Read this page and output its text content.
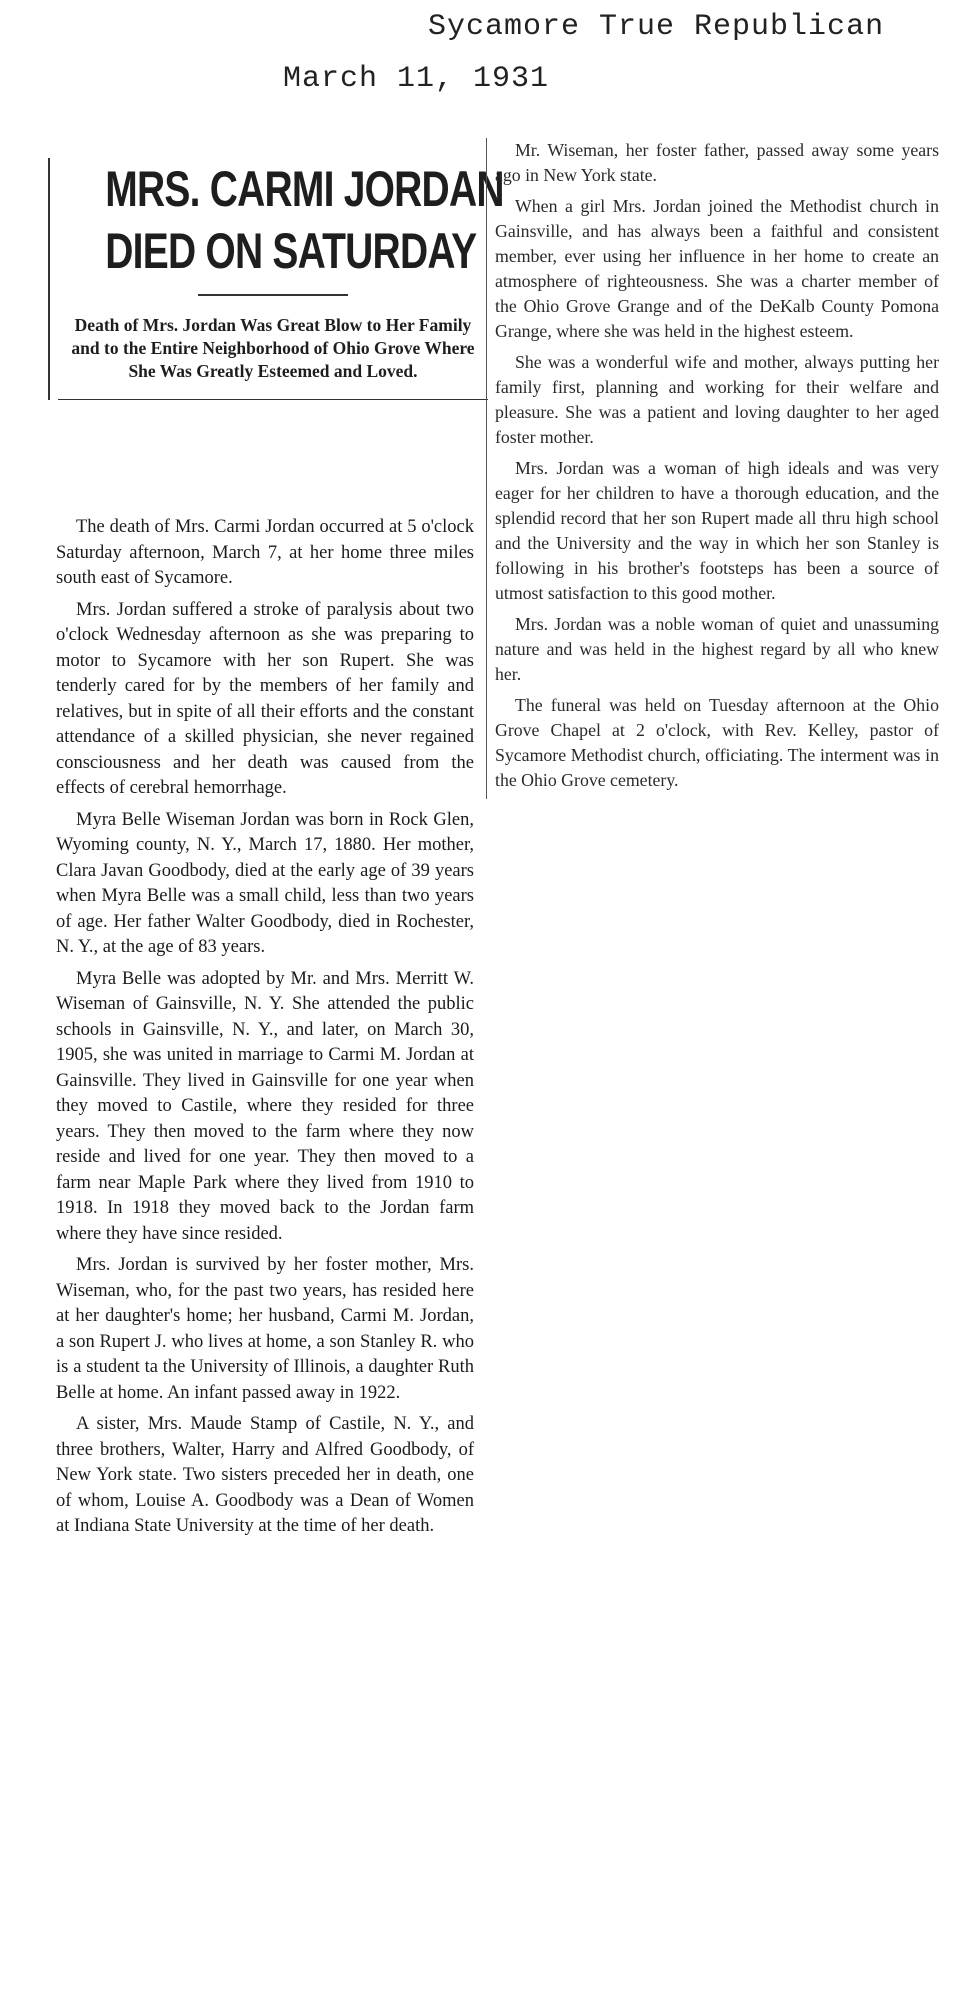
Sycamore True Republican
March 11, 1931
MRS. CARMI JORDAN
DIED ON SATURDAY

Death of Mrs. Jordan Was Great Blow to Her Family and to the Entire Neighborhood of Ohio Grove Where She Was Greatly Esteemed and Loved.

The death of Mrs. Carmi Jordan occurred at 5 o'clock Saturday afternoon, March 7, at her home three miles south east of Sycamore.

Mrs. Jordan suffered a stroke of paralysis about two o'clock Wednesday afternoon as she was preparing to motor to Sycamore with her son Rupert. She was tenderly cared for by the members of her family and relatives, but in spite of all their efforts and the constant attendance of a skilled physician, she never regained consciousness and her death was caused from the effects of cerebral hemorrhage.

Myra Belle Wiseman Jordan was born in Rock Glen, Wyoming county, N. Y., March 17, 1880. Her mother, Clara Javan Goodbody, died at the early age of 39 years when Myra Belle was a small child, less than two years of age. Her father Walter Goodbody, died in Rochester, N. Y., at the age of 83 years.

Myra Belle was adopted by Mr. and Mrs. Merritt W. Wiseman of Gainsville, N. Y. She attended the public schools in Gainsville, N. Y., and later, on March 30, 1905, she was united in marriage to Carmi M. Jordan at Gainsville. They lived in Gainsville for one year when they moved to Castile, where they resided for three years. They then moved to the farm where they now reside and lived for one year. They then moved to a farm near Maple Park where they lived from 1910 to 1918. In 1918 they moved back to the Jordan farm where they have since resided.

Mrs. Jordan is survived by her foster mother, Mrs. Wiseman, who, for the past two years, has resided here at her daughter's home; her husband, Carmi M. Jordan, a son Rupert J. who lives at home, a son Stanley R. who is a student ta the University of Illinois, a daughter Ruth Belle at home. An infant passed away in 1922.

A sister, Mrs. Maude Stamp of Castile, N. Y., and three brothers, Walter, Harry and Alfred Goodbody, of New York state. Two sisters preceded her in death, one of whom, Louise A. Goodbody was a Dean of Women at Indiana State University at the time of her death.

Mr. Wiseman, her foster father, passed away some years ago in New York state.

When a girl Mrs. Jordan joined the Methodist church in Gainsville, and has always been a faithful and consistent member, ever using her influence in her home to create an atmosphere of righteousness. She was a charter member of the Ohio Grove Grange and of the DeKalb County Pomona Grange, where she was held in the highest esteem.

She was a wonderful wife and mother, always putting her family first, planning and working for their welfare and pleasure. She was a patient and loving daughter to her aged foster mother.

Mrs. Jordan was a woman of high ideals and was very eager for her children to have a thorough education, and the splendid record that her son Rupert made all thru high school and the University and the way in which her son Stanley is following in his brother's footsteps has been a source of utmost satisfaction to this good mother.

Mrs. Jordan was a noble woman of quiet and unassuming nature and was held in the highest regard by all who knew her.

The funeral was held on Tuesday afternoon at the Ohio Grove Chapel at 2 o'clock, with Rev. Kelley, pastor of Sycamore Methodist church, officiating. The interment was in the Ohio Grove cemetery.
